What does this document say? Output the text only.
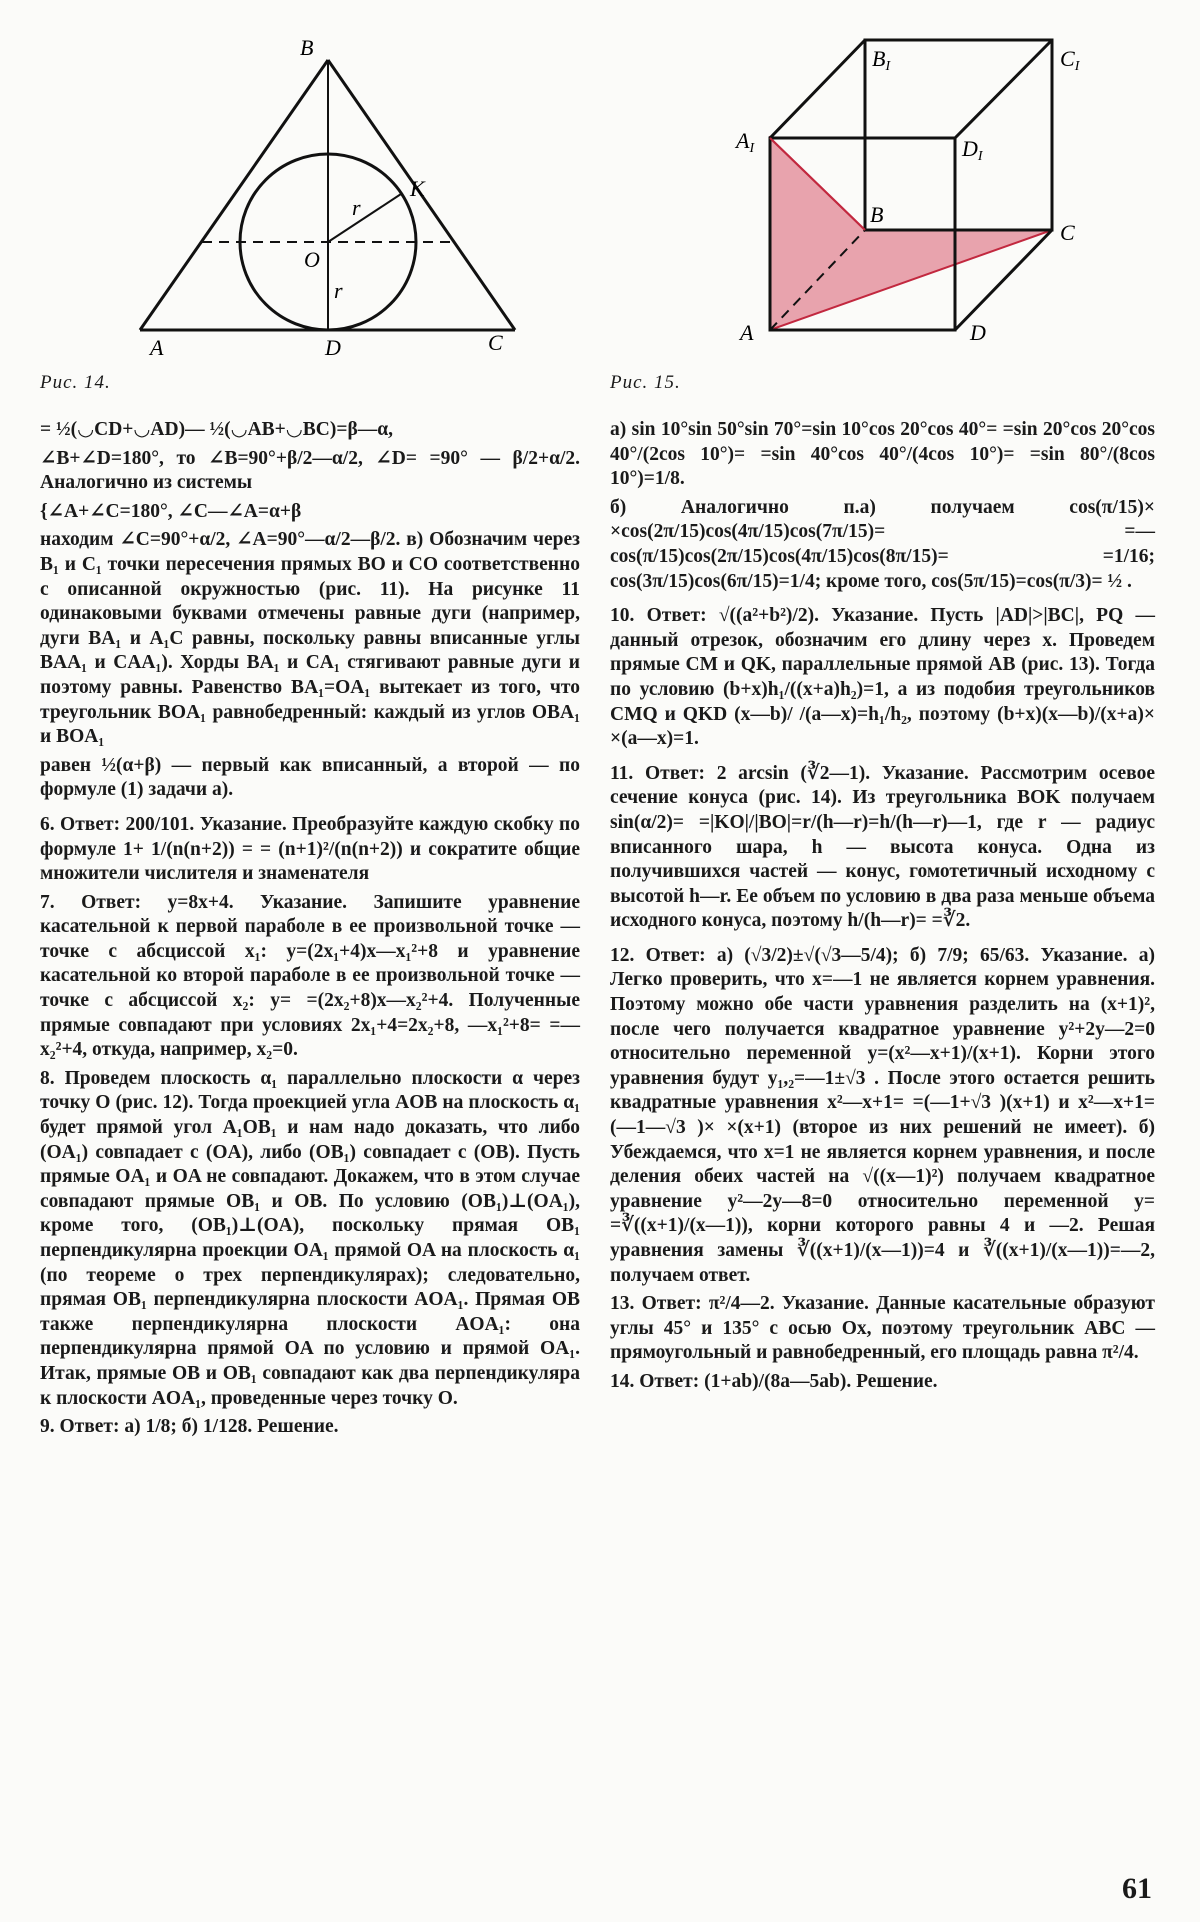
B
A	D	C
K
O
r
r
Рис. 14.
BI	CI
AI	DI
B
C
A	D
Рис. 15.

= ½(◡CD+◡AD)— ½(◡AB+◡BC)=β—α,

∠B+∠D=180°, то ∠B=90°+β/2—α/2, ∠D= =90° — β/2+α/2. Аналогично из системы

{∠A+∠C=180°, ∠C—∠A=α+β

находим ∠C=90°+α/2, ∠A=90°—α/2—β/2. в) Обозначим через B₁ и C₁ точки пересечения прямых BO и CO соответственно с описанной окружностью (рис. 11). На рисунке 11 одинаковыми буквами отмечены равные дуги (например, дуги BA₁ и A₁C равны, поскольку равны вписанные углы BAA₁ и CAA₁). Хорды BA₁ и CA₁ стягивают равные дуги и поэтому равны. Равенство BA₁=OA₁ вытекает из того, что треугольник BOA₁ равнобедренный: каждый из углов OBA₁ и BOA₁

равен ½(α+β) — первый как вписанный, а второй — по формуле (1) задачи а).

6. Ответ: 200/101. Указание. Преобразуйте каждую скобку по формуле 1+ 1/(n(n+2)) = = (n+1)²/(n(n+2)) и сократите общие множители числителя и знаменателя

7. Ответ: y=8x+4. Указание. Запишите уравнение касательной к первой параболе в ее произвольной точке — точке с абсциссой x₁: y=(2x₁+4)x—x₁²+8 и уравнение касательной ко второй параболе в ее произвольной точке — точке с абсциссой x₂: y= =(2x₂+8)x—x₂²+4. Полученные прямые совпадают при условиях 2x₁+4=2x₂+8, —x₁²+8= =—x₂²+4, откуда, например, x₂=0.

8. Проведем плоскость α₁ параллельно плоскости α через точку O (рис. 12). Тогда проекцией угла AOB на плоскость α₁ будет прямой угол A₁OB₁ и нам надо доказать, что либо (OA₁) совпадает с (OA), либо (OB₁) совпадает с (OB). Пусть прямые OA₁ и OA не совпадают. Докажем, что в этом случае совпадают прямые OB₁ и OB. По условию (OB₁)⊥(OA₁), кроме того, (OB₁)⊥(OA), поскольку прямая OB₁ перпендикулярна проекции OA₁ прямой OA на плоскость α₁ (по теореме о трех перпендикулярах); следовательно, прямая OB₁ перпендикулярна плоскости AOA₁. Прямая OB также перпендикулярна плоскости AOA₁: она перпендикулярна прямой OA по условию и прямой OA₁. Итак, прямые OB и OB₁ совпадают как два перпендикуляра к плоскости AOA₁, проведенные через точку O.

9. Ответ: а) 1/8; б) 1/128. Решение.

а) sin 10°sin 50°sin 70°=sin 10°cos 20°cos 40°= =sin 20°cos 20°cos 40°/(2cos 10°)= =sin 40°cos 40°/(4cos 10°)= =sin 80°/(8cos 10°)=1/8.

б) Аналогично п.а) получаем cos(π/15)× ×cos(2π/15)cos(4π/15)cos(7π/15)= =—cos(π/15)cos(2π/15)cos(4π/15)cos(8π/15)= =1/16; cos(3π/15)cos(6π/15)=1/4; кроме того, cos(5π/15)=cos(π/3)= ½ .

10. Ответ: √((a²+b²)/2). Указание. Пусть |AD|>|BC|, PQ — данный отрезок, обозначим его длину через x. Проведем прямые CM и QK, параллельные прямой AB (рис. 13). Тогда по условию (b+x)h₁/((x+a)h₂)=1, а из подобия треугольников CMQ и QKD (x—b)/ /(a—x)=h₁/h₂, поэтому (b+x)(x—b)/(x+a)× ×(a—x)=1.

11. Ответ: 2 arcsin (∛2—1). Указание. Рассмотрим осевое сечение конуса (рис. 14). Из треугольника BOK получаем sin(α/2)= =|KO|/|BO|=r/(h—r)=h/(h—r)—1, где r — радиус вписанного шара, h — высота конуса. Одна из получившихся частей — конус, гомотетичный исходному с высотой h—r. Ее объем по условию в два раза меньше объема исходного конуса, поэтому h/(h—r)= =∛2.

12. Ответ: а) (√3/2)±√(√3—5/4); б) 7/9; 65/63. Указание. а) Легко проверить, что x=—1 не является корнем уравнения. Поэтому можно обе части уравнения разделить на (x+1)², после чего получается квадратное уравнение y²+2y—2=0 относительно переменной y=(x²—x+1)/(x+1). Корни этого уравнения будут y₁,₂=—1±√3 . После этого остается решить квадратные уравнения x²—x+1= =(—1+√3 )(x+1) и x²—x+1=(—1—√3 )× ×(x+1) (второе из них решений не имеет). б) Убеждаемся, что x=1 не является корнем уравнения, и после деления обеих частей на √((x—1)²) получаем квадратное уравнение y²—2y—8=0 относительно переменной y= =∛((x+1)/(x—1)), корни которого равны 4 и —2. Решая уравнения замены ∛((x+1)/(x—1))=4 и ∛((x+1)/(x—1))=—2, получаем ответ.

13. Ответ: π²/4—2. Указание. Данные касательные образуют углы 45° и 135° с осью Ox, поэтому треугольник ABC — прямоугольный и равнобедренный, его площадь равна π²/4.

14. Ответ: (1+ab)/(8a—5ab). Решение.

61
